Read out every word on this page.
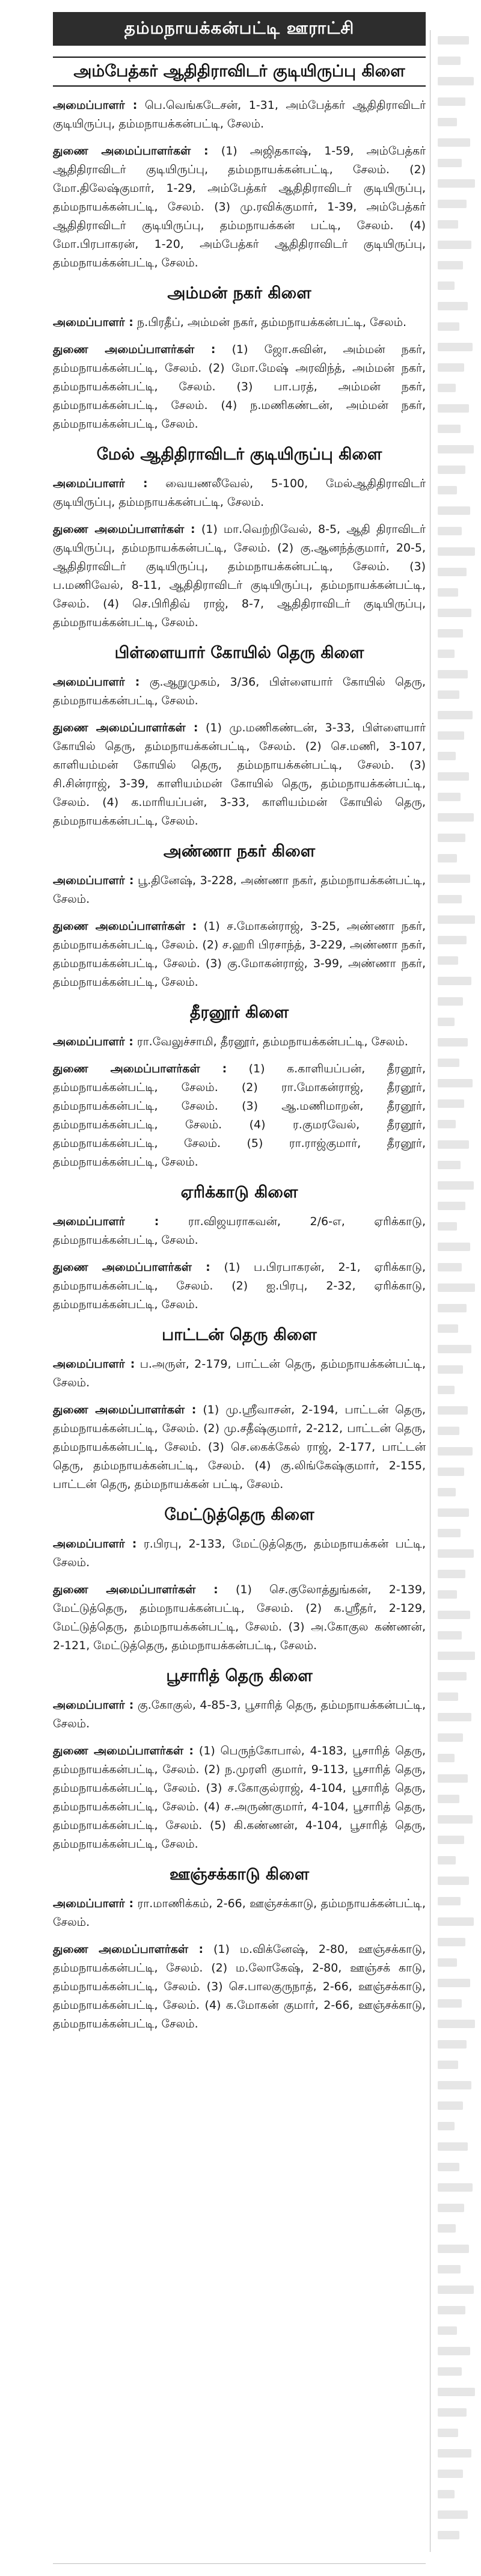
தம்மநாயக்கன்பட்டி ஊராட்சி
அம்பேத்கர் ஆதிதிராவிடர் குடியிருப்பு கிளை

அமைப்பாளர் : பெ.வெங்கடேசன், 1-31, அம்பேத்கர் ஆதிதிராவிடர் குடியிருப்பு, தம்மநாயக்கன்பட்டி, சேலம்.

துணை அமைப்பாளர்கள் : (1) அஜிதகாஷ், 1-59, அம்பேத்கர் ஆதிதிராவிடர் குடியிருப்பு, தம்மநாயக்கன்பட்டி, சேலம். (2) மோ.திலேஷ்குமார், 1-29, அம்பேத்கர் ஆதிதிராவிடர் குடியிருப்பு, தம்மநாயக்கன்பட்டி, சேலம். (3) மு.ரவிக்குமார், 1-39, அம்பேத்கர் ஆதிதிராவிடர் குடியிருப்பு, தம்மநாயக்கன் பட்டி, சேலம். (4) மோ.பிரபாகரன், 1-20, அம்பேத்கர் ஆதிதிராவிடர் குடியிருப்பு, தம்மநாயக்கன்பட்டி, சேலம்.

அம்மன் நகர் கிளை

அமைப்பாளர் : ந.பிரதீப், அம்மன் நகர், தம்மநாயக்கன்பட்டி, சேலம்.

துணை அமைப்பாளர்கள் : (1) ஜோ.சுவின், அம்மன் நகர், தம்மநாயக்கன்பட்டி, சேலம். (2) மோ.மேஷ் அரவிந்த், அம்மன் நகர், தம்மநாயக்கன்பட்டி, சேலம். (3) பா.பரத், அம்மன் நகர், தம்மநாயக்கன்பட்டி, சேலம். (4) ந.மணிகண்டன், அம்மன் நகர், தம்மநாயக்கன்பட்டி, சேலம்.

மேல் ஆதிதிராவிடர் குடியிருப்பு கிளை

அமைப்பாளர் : வையணலீவேல், 5-100, மேல்ஆதிதிராவிடர் குடியிருப்பு, தம்மநாயக்கன்பட்டி, சேலம்.

துணை அமைப்பாளர்கள் : (1) மா.வெற்றிவேல், 8-5, ஆதி திராவிடர் குடியிருப்பு, தம்மநாயக்கன்பட்டி, சேலம். (2) கு.ஆனந்த்குமார், 20-5, ஆதிதிராவிடர் குடியிருப்பு, தம்மநாயக்கன்பட்டி, சேலம். (3) ப.மணிவேல், 8-11, ஆதிதிராவிடர் குடியிருப்பு, தம்மநாயக்கன்பட்டி, சேலம். (4) செ.பிரிதிவ் ராஜ், 8-7, ஆதிதிராவிடர் குடியிருப்பு, தம்மநாயக்கன்பட்டி, சேலம்.

பிள்ளையார் கோயில் தெரு கிளை

அமைப்பாளர் : கு.ஆறுமுகம், 3/36, பிள்ளையார் கோயில் தெரு, தம்மநாயக்கன்பட்டி, சேலம்.

துணை அமைப்பாளர்கள் : (1) மு.மணிகண்டன், 3-33, பிள்ளையார் கோயில் தெரு, தம்மநாயக்கன்பட்டி, சேலம். (2) செ.மணி, 3-107, காளியம்மன் கோயில் தெரு, தம்மநாயக்கன்பட்டி, சேலம். (3) சி.சின்ராஜ், 3-39, காளியம்மன் கோயில் தெரு, தம்மநாயக்கன்பட்டி, சேலம். (4) க.மாரியப்பன், 3-33, காளியம்மன் கோயில் தெரு, தம்மநாயக்கன்பட்டி, சேலம்.

அண்ணா நகர் கிளை

அமைப்பாளர் : பூ.தினேஷ், 3-228, அண்ணா நகர், தம்மநாயக்கன்பட்டி, சேலம்.

துணை அமைப்பாளர்கள் : (1) ச.மோகன்ராஜ், 3-25, அண்ணா நகர், தம்மநாயக்கன்பட்டி, சேலம். (2) ச.ஹரி பிரசாந்த், 3-229, அண்ணா நகர், தம்மநாயக்கன்பட்டி, சேலம். (3) கு.மோகன்ராஜ், 3-99, அண்ணா நகர், தம்மநாயக்கன்பட்டி, சேலம்.

தீரனூர் கிளை

அமைப்பாளர் : ரா.வேலுச்சாமி, தீரனூர், தம்மநாயக்கன்பட்டி, சேலம்.

துணை அமைப்பாளர்கள் : (1) க.காளியப்பன், தீரனூர், தம்மநாயக்கன்பட்டி, சேலம். (2) ரா.மோகன்ராஜ், தீரனூர், தம்மநாயக்கன்பட்டி, சேலம். (3) ஆ.மணிமாறன், தீரனூர், தம்மநாயக்கன்பட்டி, சேலம். (4) ர.குமரவேல், தீரனூர், தம்மநாயக்கன்பட்டி, சேலம். (5) ரா.ராஜ்குமார், தீரனூர், தம்மநாயக்கன்பட்டி, சேலம்.

ஏரிக்காடு கிளை

அமைப்பாளர் :	ரா.விஜயராகவன், 2/6-எ, ஏரிக்காடு, தம்மநாயக்கன்பட்டி, சேலம்.

துணை அமைப்பாளர்கள் : (1) ப.பிரபாகரன், 2-1, ஏரிக்காடு, தம்மநாயக்கன்பட்டி, சேலம். (2) ஐ.பிரபு, 2-32, ஏரிக்காடு, தம்மநாயக்கன்பட்டி, சேலம்.

பாட்டன் தெரு கிளை

அமைப்பாளர் : ப.அருள், 2-179, பாட்டன் தெரு, தம்மநாயக்கன்பட்டி, சேலம்.

துணை அமைப்பாளர்கள் : (1) மு.ஸ்ரீவாசன், 2-194, பாட்டன் தெரு, தம்மநாயக்கன்பட்டி, சேலம். (2) மு.சதீஷ்குமார், 2-212, பாட்டன் தெரு, தம்மநாயக்கன்பட்டி, சேலம். (3) செ.கைக்கேல் ராஜ், 2-177, பாட்டன் தெரு, தம்மநாயக்கன்பட்டி, சேலம். (4) கு.லிங்கேஷ்குமார், 2-155, பாட்டன் தெரு, தம்மநாயக்கன் பட்டி, சேலம்.

மேட்டுத்தெரு கிளை

அமைப்பாளர் : ர.பிரபு, 2-133, மேட்டுத்தெரு, தம்மநாயக்கன் பட்டி, சேலம்.

துணை அமைப்பாளர்கள் : (1) செ.குலோத்துங்கன், 2-139, மேட்டுத்தெரு, தம்மநாயக்கன்பட்டி, சேலம். (2) க.ஸ்ரீதர், 2-129, மேட்டுத்தெரு, தம்மநாயக்கன்பட்டி, சேலம். (3) அ.கோகுல கண்ணன், 2-121, மேட்டுத்தெரு, தம்மநாயக்கன்பட்டி, சேலம்.

பூசாரித் தெரு கிளை

அமைப்பாளர் : கு.கோகுல், 4-85-3, பூசாரித் தெரு, தம்மநாயக்கன்பட்டி, சேலம்.

துணை அமைப்பாளர்கள் : (1) பெருந்கோபால், 4-183, பூசாரித் தெரு, தம்மநாயக்கன்பட்டி, சேலம். (2) ந.முரளி குமார், 9-113, பூசாரித் தெரு, தம்மநாயக்கன்பட்டி, சேலம். (3) ச.கோகுல்ராஜ், 4-104, பூசாரித் தெரு, தம்மநாயக்கன்பட்டி, சேலம். (4) ச.அருண்குமார், 4-104, பூசாரித் தெரு, தம்மநாயக்கன்பட்டி, சேலம். (5) கி.கண்ணன், 4-104, பூசாரித் தெரு, தம்மநாயக்கன்பட்டி, சேலம்.

ஊஞ்சக்காடு கிளை

அமைப்பாளர் : ரா.மாணிக்கம், 2-66, ஊஞ்சக்காடு, தம்மநாயக்கன்பட்டி, சேலம்.

துணை அமைப்பாளர்கள் : (1) ம.விக்னேஷ், 2-80, ஊஞ்சக்காடு, தம்மநாயக்கன்பட்டி, சேலம். (2) ம.லோகேஷ், 2-80, ஊஞ்சக் காடு, தம்மநாயக்கன்பட்டி, சேலம். (3) செ.பாலகுருநாத், 2-66, ஊஞ்சக்காடு, தம்மநாயக்கன்பட்டி, சேலம். (4) க.மோகன் குமார், 2-66, ஊஞ்சக்காடு, தம்மநாயக்கன்பட்டி, சேலம்.
